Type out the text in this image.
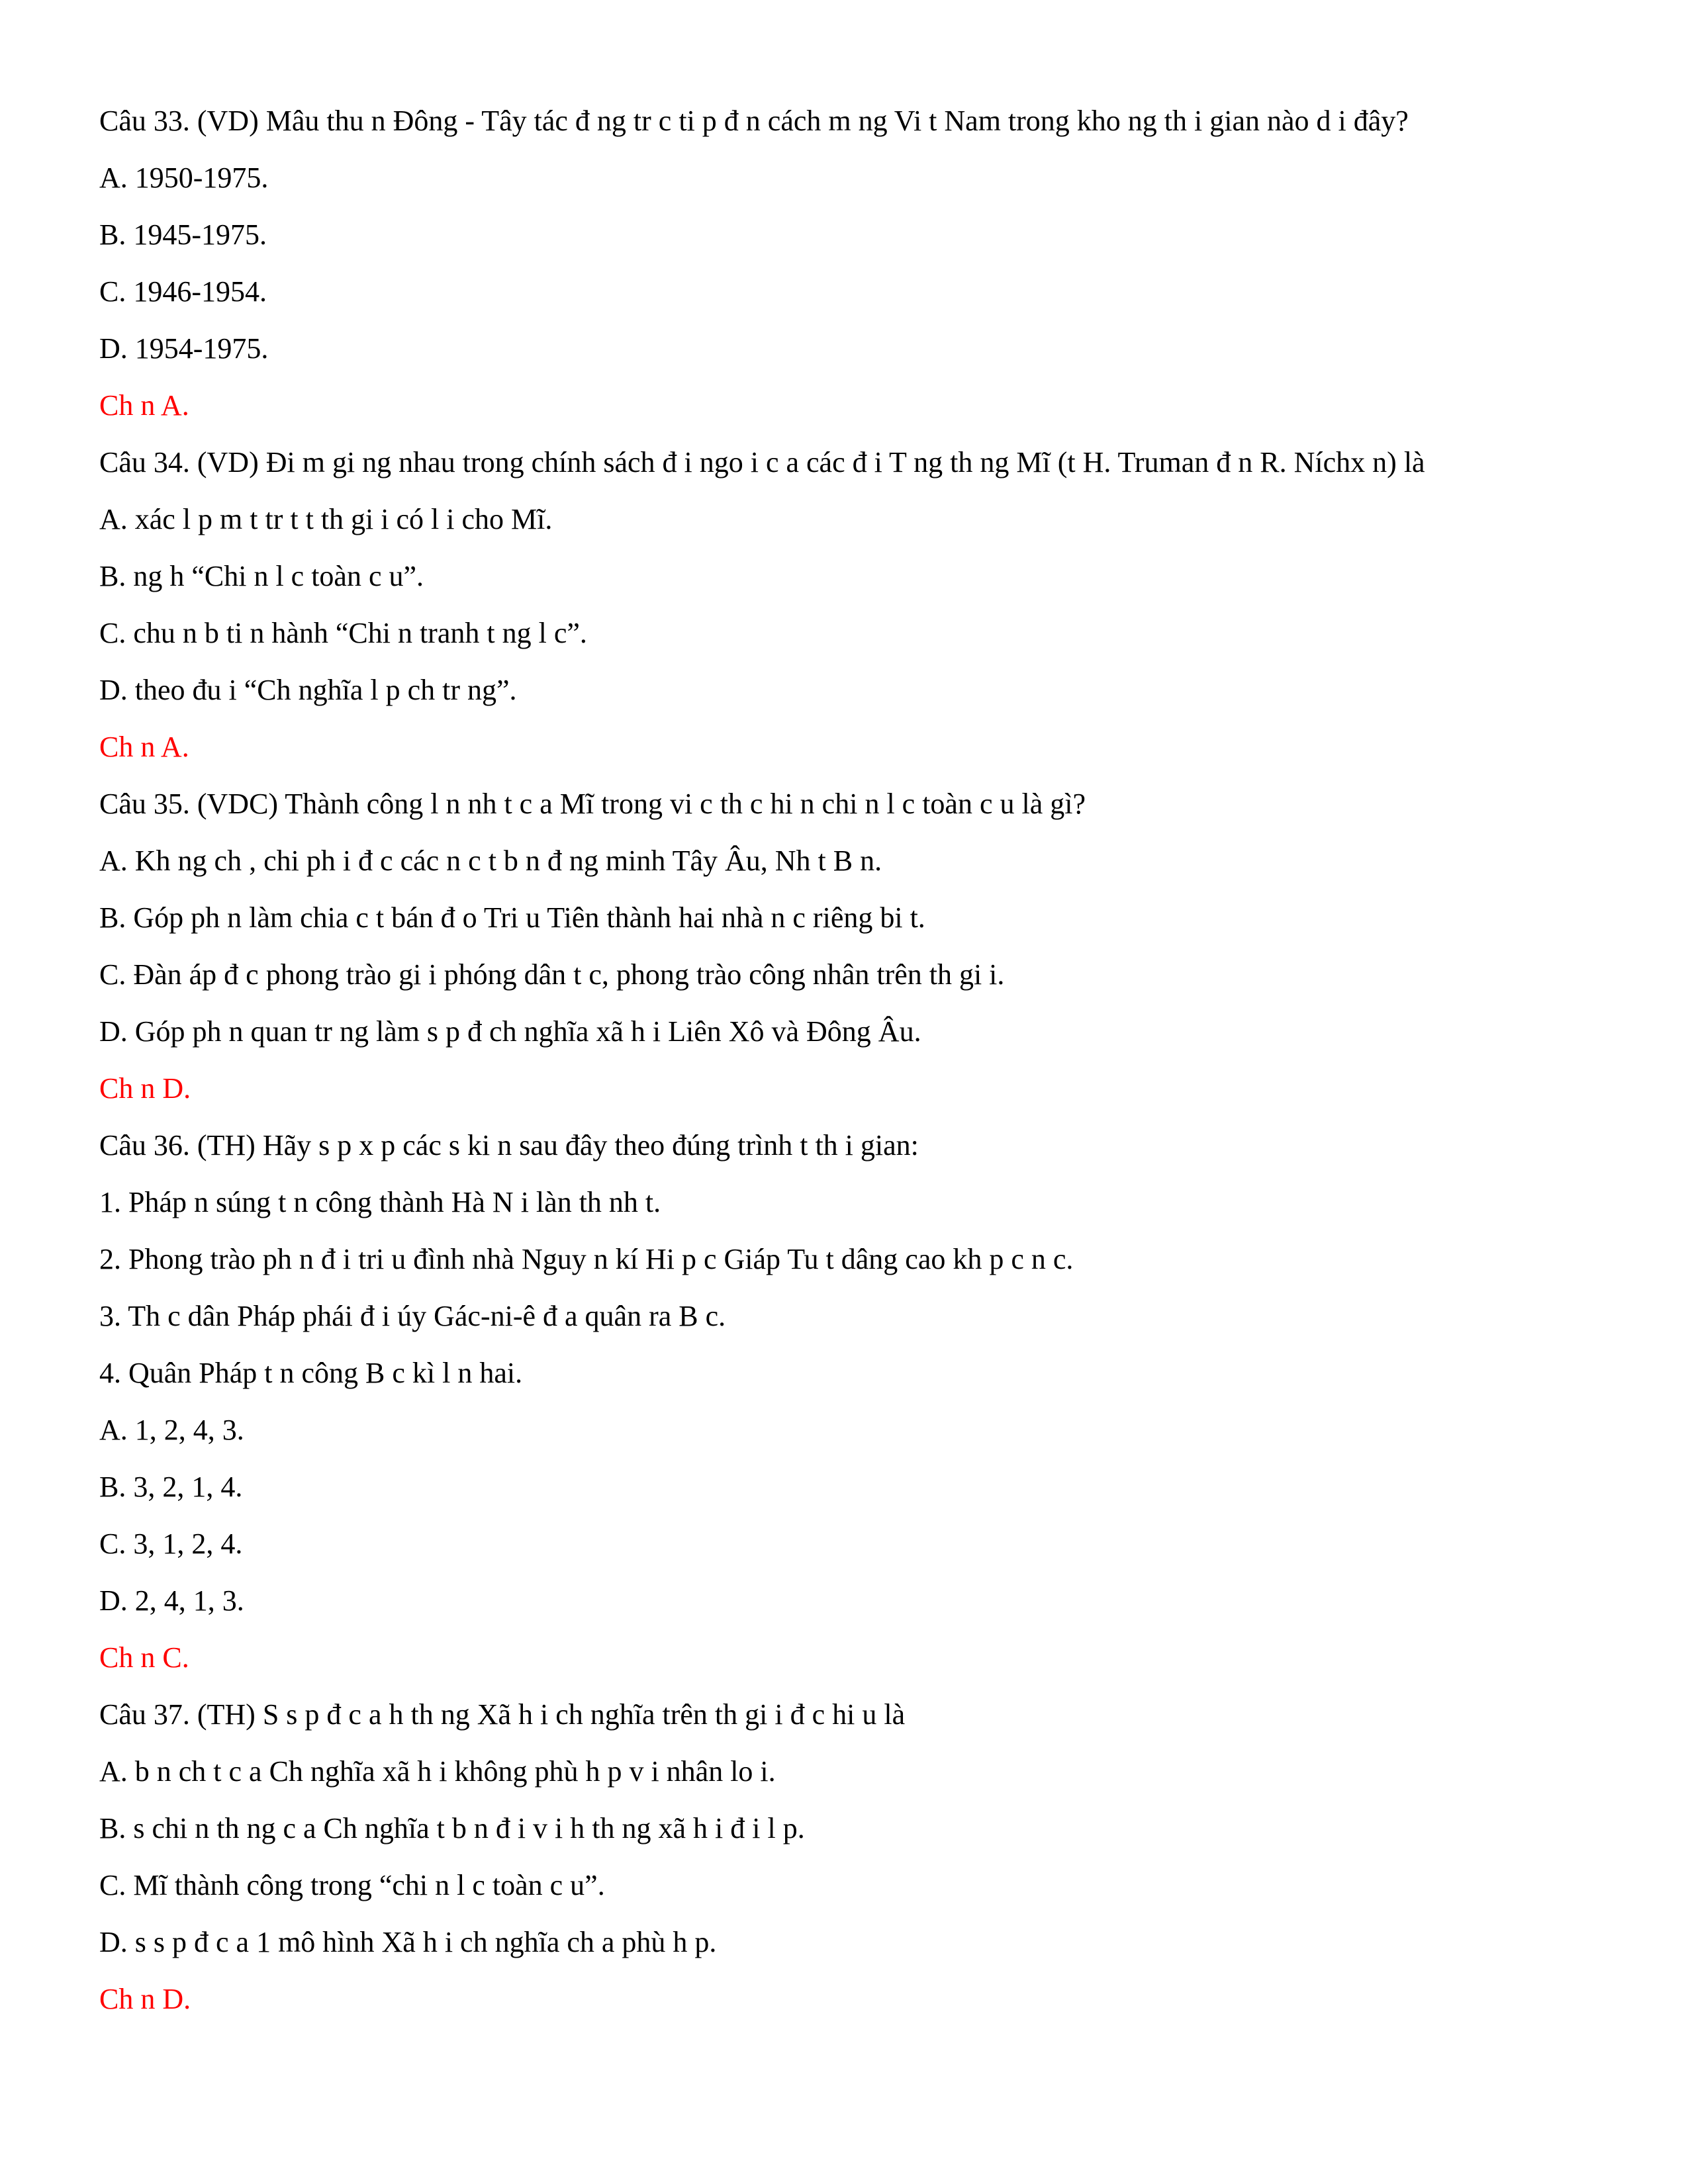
Câu 33. (VD) Mâu thu n Đông - Tây tác đ ng tr c ti p đ n cách m ng Vi t Nam trong kho ng th i gian nào d i đây?
A. 1950-1975.
B. 1945-1975.
C. 1946-1954.
D. 1954-1975.
Ch n A.
Câu 34. (VD) Đi m gi ng nhau trong chính sách đ i ngo i c a các đ i T ng th ng Mĩ (t H. Truman đ n R. Níchx n) là
A. xác l p m t tr t t th gi i có l i cho Mĩ.
B. ng h “Chi n l c toàn c u”.
C. chu n b ti n hành “Chi n tranh t ng l c”.
D. theo đu i “Ch nghĩa l p ch tr ng”.
Ch n A.
Câu 35. (VDC) Thành công l n nh t c a Mĩ trong vi c th c hi n chi n l c toàn c u là gì?
A. Kh ng ch , chi ph i đ c các n c t b n đ ng minh Tây Âu, Nh t B n.
B. Góp ph n làm chia c t bán đ o Tri u Tiên thành hai nhà n c riêng bi t.
C. Đàn áp đ c phong trào gi i phóng dân t c, phong trào công nhân trên th gi i.
D. Góp ph n quan tr ng làm s p đ ch nghĩa xã h i Liên Xô và Đông Âu.
Ch n D.
Câu 36. (TH) Hãy s p x p các s ki n sau đây theo đúng trình t th i gian:
1. Pháp n súng t n công thành Hà N i làn th nh t.
2. Phong trào ph n đ i tri u đình nhà Nguy n kí Hi p c Giáp Tu t dâng cao kh p c n c.
3. Th c dân Pháp phái đ i úy Gác-ni-ê đ a quân ra B c.
4. Quân Pháp t n công B c kì l n hai.
A. 1, 2, 4, 3.
B. 3, 2, 1, 4.
C. 3, 1, 2, 4.
D. 2, 4, 1, 3.
Ch n C.
Câu 37. (TH) S s p đ c a h th ng Xã h i ch nghĩa trên th gi i đ c hi u là
A. b n ch t c a Ch nghĩa xã h i không phù h p v i nhân lo i.
B. s chi n th ng c a Ch nghĩa t b n đ i v i h th ng xã h i đ i l p.
C. Mĩ thành công trong “chi n l c toàn c u”.
D. s s p đ c a 1 mô hình Xã h i ch nghĩa ch a phù h p.
Ch n D.
